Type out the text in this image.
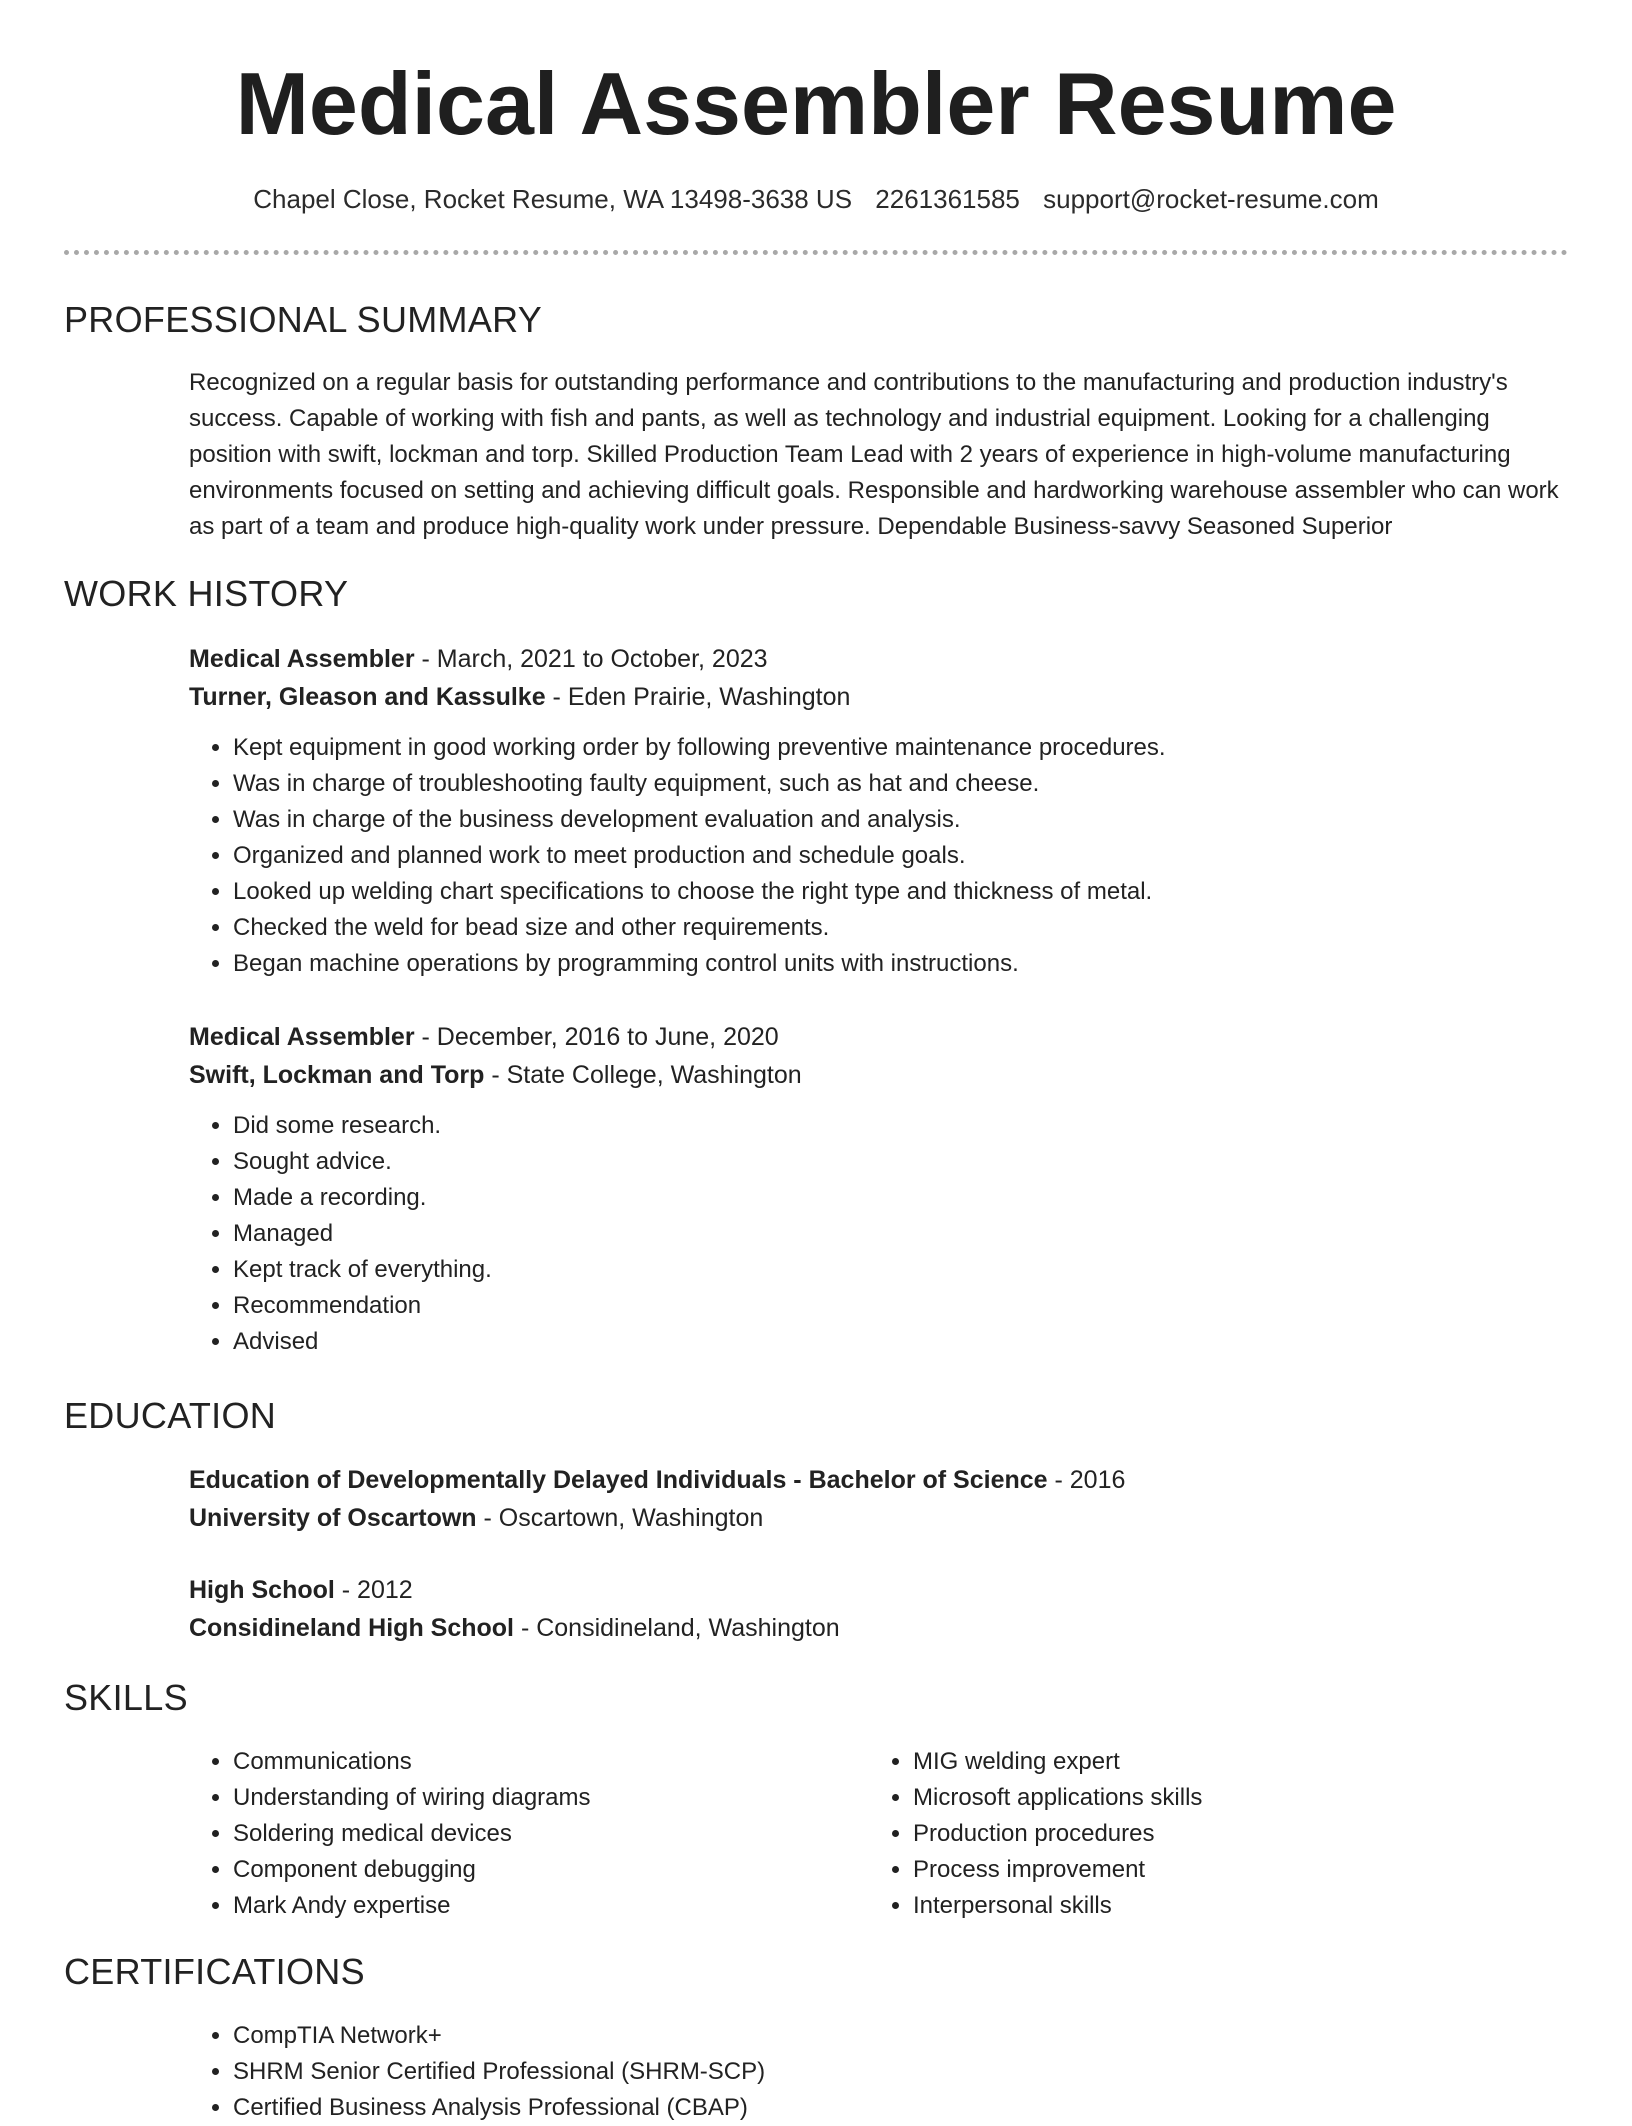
Medical Assembler Resume
Chapel Close, Rocket Resume, WA 13498-3638 US 2261361585 support@rocket-resume.com
PROFESSIONAL SUMMARY

Recognized on a regular basis for outstanding performance and contributions to the manufacturing and production industry's success. Capable of working with fish and pants, as well as technology and industrial equipment. Looking for a challenging position with swift, lockman and torp. Skilled Production Team Lead with 2 years of experience in high-volume manufacturing environments focused on setting and achieving difficult goals. Responsible and hardworking warehouse assembler who can work as part of a team and produce high-quality work under pressure. Dependable Business-savvy Seasoned Superior

WORK HISTORY

Medical Assembler - March, 2021 to October, 2023

Turner, Gleason and Kassulke - Eden Prairie, Washington

• Kept equipment in good working order by following preventive maintenance procedures.
• Was in charge of troubleshooting faulty equipment, such as hat and cheese.
• Was in charge of the business development evaluation and analysis.
• Organized and planned work to meet production and schedule goals.
• Looked up welding chart specifications to choose the right type and thickness of metal.
• Checked the weld for bead size and other requirements.
• Began machine operations by programming control units with instructions.

Medical Assembler - December, 2016 to June, 2020

Swift, Lockman and Torp - State College, Washington

• Did some research.
• Sought advice.
• Made a recording.
• Managed
• Kept track of everything.
• Recommendation
• Advised
EDUCATION

Education of Developmentally Delayed Individuals - Bachelor of Science - 2016

University of Oscartown - Oscartown, Washington

High School - 2012

Considineland High School - Considineland, Washington

SKILLS
• Communications
• Understanding of wiring diagrams
• Soldering medical devices
• Component debugging
• Mark Andy expertise
• MIG welding expert
• Microsoft applications skills
• Production procedures
• Process improvement
• Interpersonal skills
CERTIFICATIONS
• CompTIA Network+
• SHRM Senior Certified Professional (SHRM-SCP)
• Certified Business Analysis Professional (CBAP)
